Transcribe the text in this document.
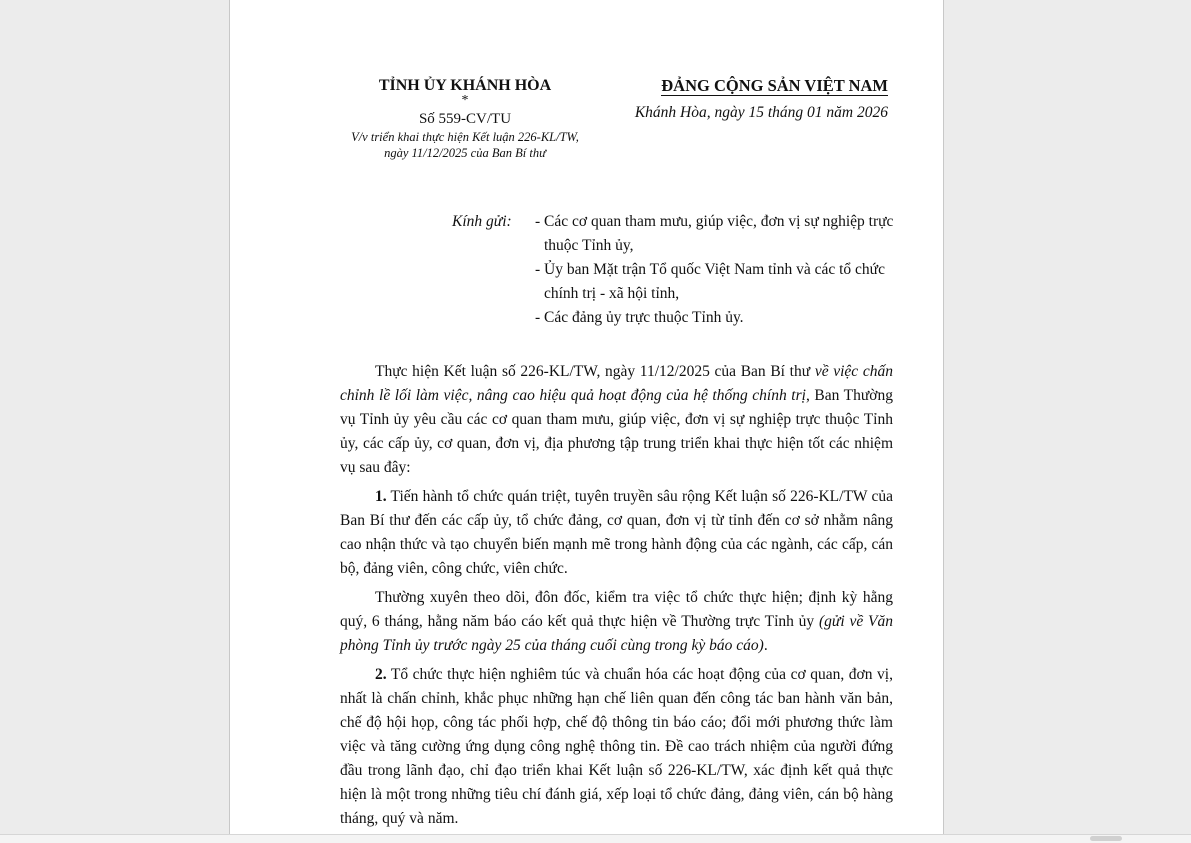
TỈNH ỦY KHÁNH HÒA
*
Số 559-CV/TU
V/v triển khai thực hiện Kết luận 226-KL/TW,
ngày 11/12/2025 của Ban Bí thư
ĐẢNG CỘNG SẢN VIỆT NAM
Khánh Hòa, ngày 15 tháng 01 năm 2026
Kính gửi: - Các cơ quan tham mưu, giúp việc, đơn vị sự nghiệp trực thuộc Tỉnh ủy,
- Ủy ban Mặt trận Tổ quốc Việt Nam tỉnh và các tổ chức chính trị - xã hội tỉnh,
- Các đảng ủy trực thuộc Tỉnh ủy.

Thực hiện Kết luận số 226-KL/TW, ngày 11/12/2025 của Ban Bí thư về việc chấn chỉnh lề lối làm việc, nâng cao hiệu quả hoạt động của hệ thống chính trị, Ban Thường vụ Tỉnh ủy yêu cầu các cơ quan tham mưu, giúp việc, đơn vị sự nghiệp trực thuộc Tỉnh ủy, các cấp ủy, cơ quan, đơn vị, địa phương tập trung triển khai thực hiện tốt các nhiệm vụ sau đây:

1. Tiến hành tổ chức quán triệt, tuyên truyền sâu rộng Kết luận số 226-KL/TW của Ban Bí thư đến các cấp ủy, tổ chức đảng, cơ quan, đơn vị từ tỉnh đến cơ sở nhằm nâng cao nhận thức và tạo chuyển biến mạnh mẽ trong hành động của các ngành, các cấp, cán bộ, đảng viên, công chức, viên chức.

Thường xuyên theo dõi, đôn đốc, kiểm tra việc tổ chức thực hiện; định kỳ hằng quý, 6 tháng, hằng năm báo cáo kết quả thực hiện về Thường trực Tỉnh ủy (gửi về Văn phòng Tỉnh ủy trước ngày 25 của tháng cuối cùng trong kỳ báo cáo).

2. Tổ chức thực hiện nghiêm túc và chuẩn hóa các hoạt động của cơ quan, đơn vị, nhất là chấn chỉnh, khắc phục những hạn chế liên quan đến công tác ban hành văn bản, chế độ hội họp, công tác phối hợp, chế độ thông tin báo cáo; đổi mới phương thức làm việc và tăng cường ứng dụng công nghệ thông tin. Đề cao trách nhiệm của người đứng đầu trong lãnh đạo, chỉ đạo triển khai Kết luận số 226-KL/TW, xác định kết quả thực hiện là một trong những tiêu chí đánh giá, xếp loại tổ chức đảng, đảng viên, cán bộ hàng tháng, quý và năm.
